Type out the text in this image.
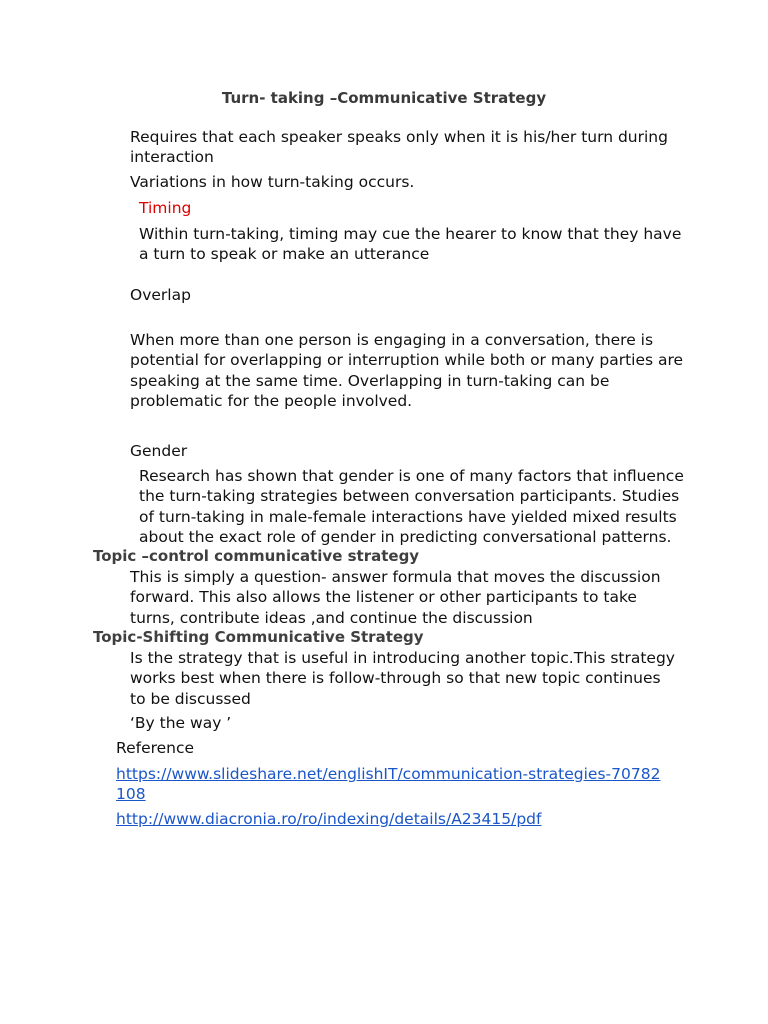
Turn- taking –Communicative Strategy

Requires that each speaker speaks only when it is his/her turn during interaction

Variations in how turn-taking occurs.

Timing

Within turn-taking, timing may cue the hearer to know that they have a turn to speak or make an utterance

Overlap

When more than one person is engaging in a conversation, there is potential for overlapping or interruption while both or many parties are speaking at the same time. Overlapping in turn-taking can be problematic for the people involved.

Gender

Research has shown that gender is one of many factors that influence the turn-taking strategies between conversation participants. Studies of turn-taking in male-female interactions have yielded mixed results about the exact role of gender in predicting conversational patterns.

Topic –control communicative strategy

This is simply a question- answer formula that moves the discussion forward. This also allows the listener or other participants to take turns, contribute ideas ,and continue the discussion

Topic-Shifting Communicative Strategy

Is the strategy that is useful in introducing another topic.This strategy works best when there is follow-through so that new topic continues to be discussed

‘By the way ’

Reference

https://www.slideshare.net/englishIT/communication-strategies-70782108

http://www.diacronia.ro/ro/indexing/details/A23415/pdf
